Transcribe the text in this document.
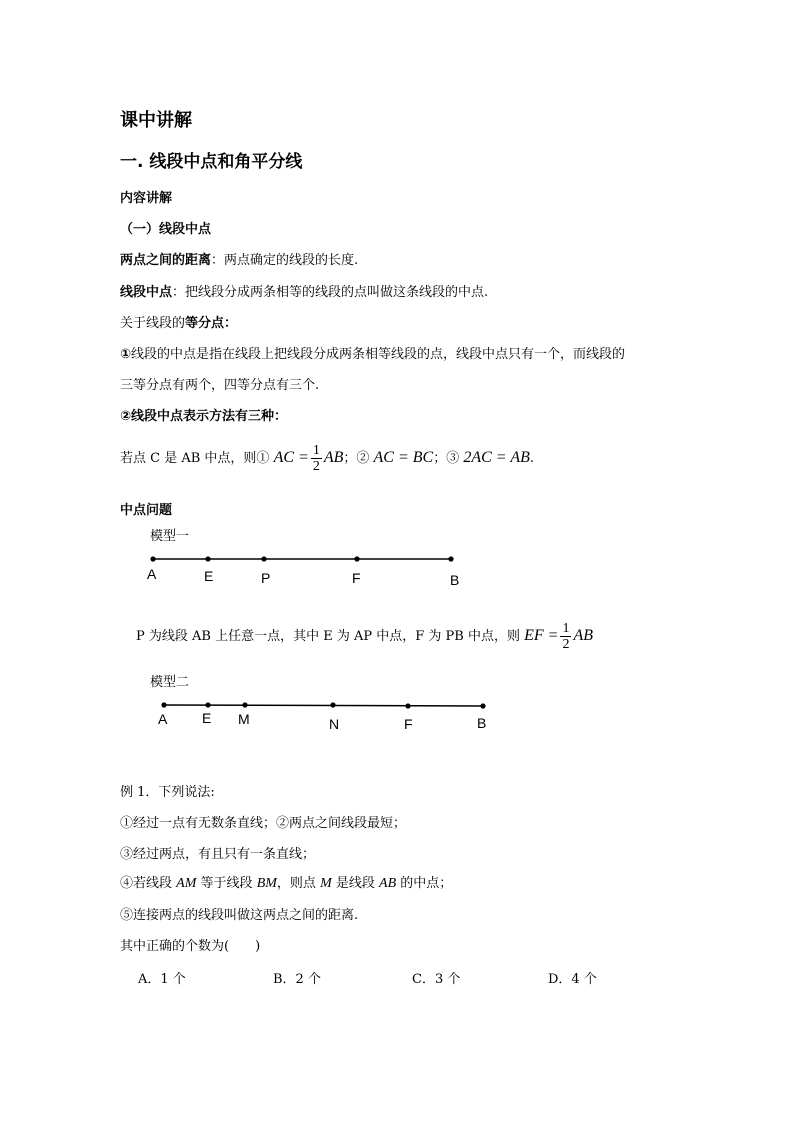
课中讲解
一. 线段中点和角平分线
内容讲解
（一）线段中点
两点之间的距离：两点确定的线段的长度.
线段中点：把线段分成两条相等的线段的点叫做这条线段的中点.
关于线段的等分点：
①线段的中点是指在线段上把线段分成两条相等线段的点，线段中点只有一个，而线段的
三等分点有两个，四等分点有三个.
②线段中点表示方法有三种：
若点 C 是 AB 中点，则① AC = $\frac{1}{2}$ AB；② AC = BC；③ 2AC = AB.
中点问题
模型一
A	E	P	F	B
P 为线段 AB 上任意一点，其中 E 为 AP 中点，F 为 PB 中点，则 EF = $\frac{1}{2}$ AB
模型二
A E M	N	F	B
例 1．下列说法:
①经过一点有无数条直线；②两点之间线段最短；
③经过两点，有且只有一条直线；
④若线段 AM 等于线段 BM，则点 M 是线段 AB 的中点；
⑤连接两点的线段叫做这两点之间的距离.
其中正确的个数为(　　)
A．1 个	B．2 个	C．3 个	D．4 个
